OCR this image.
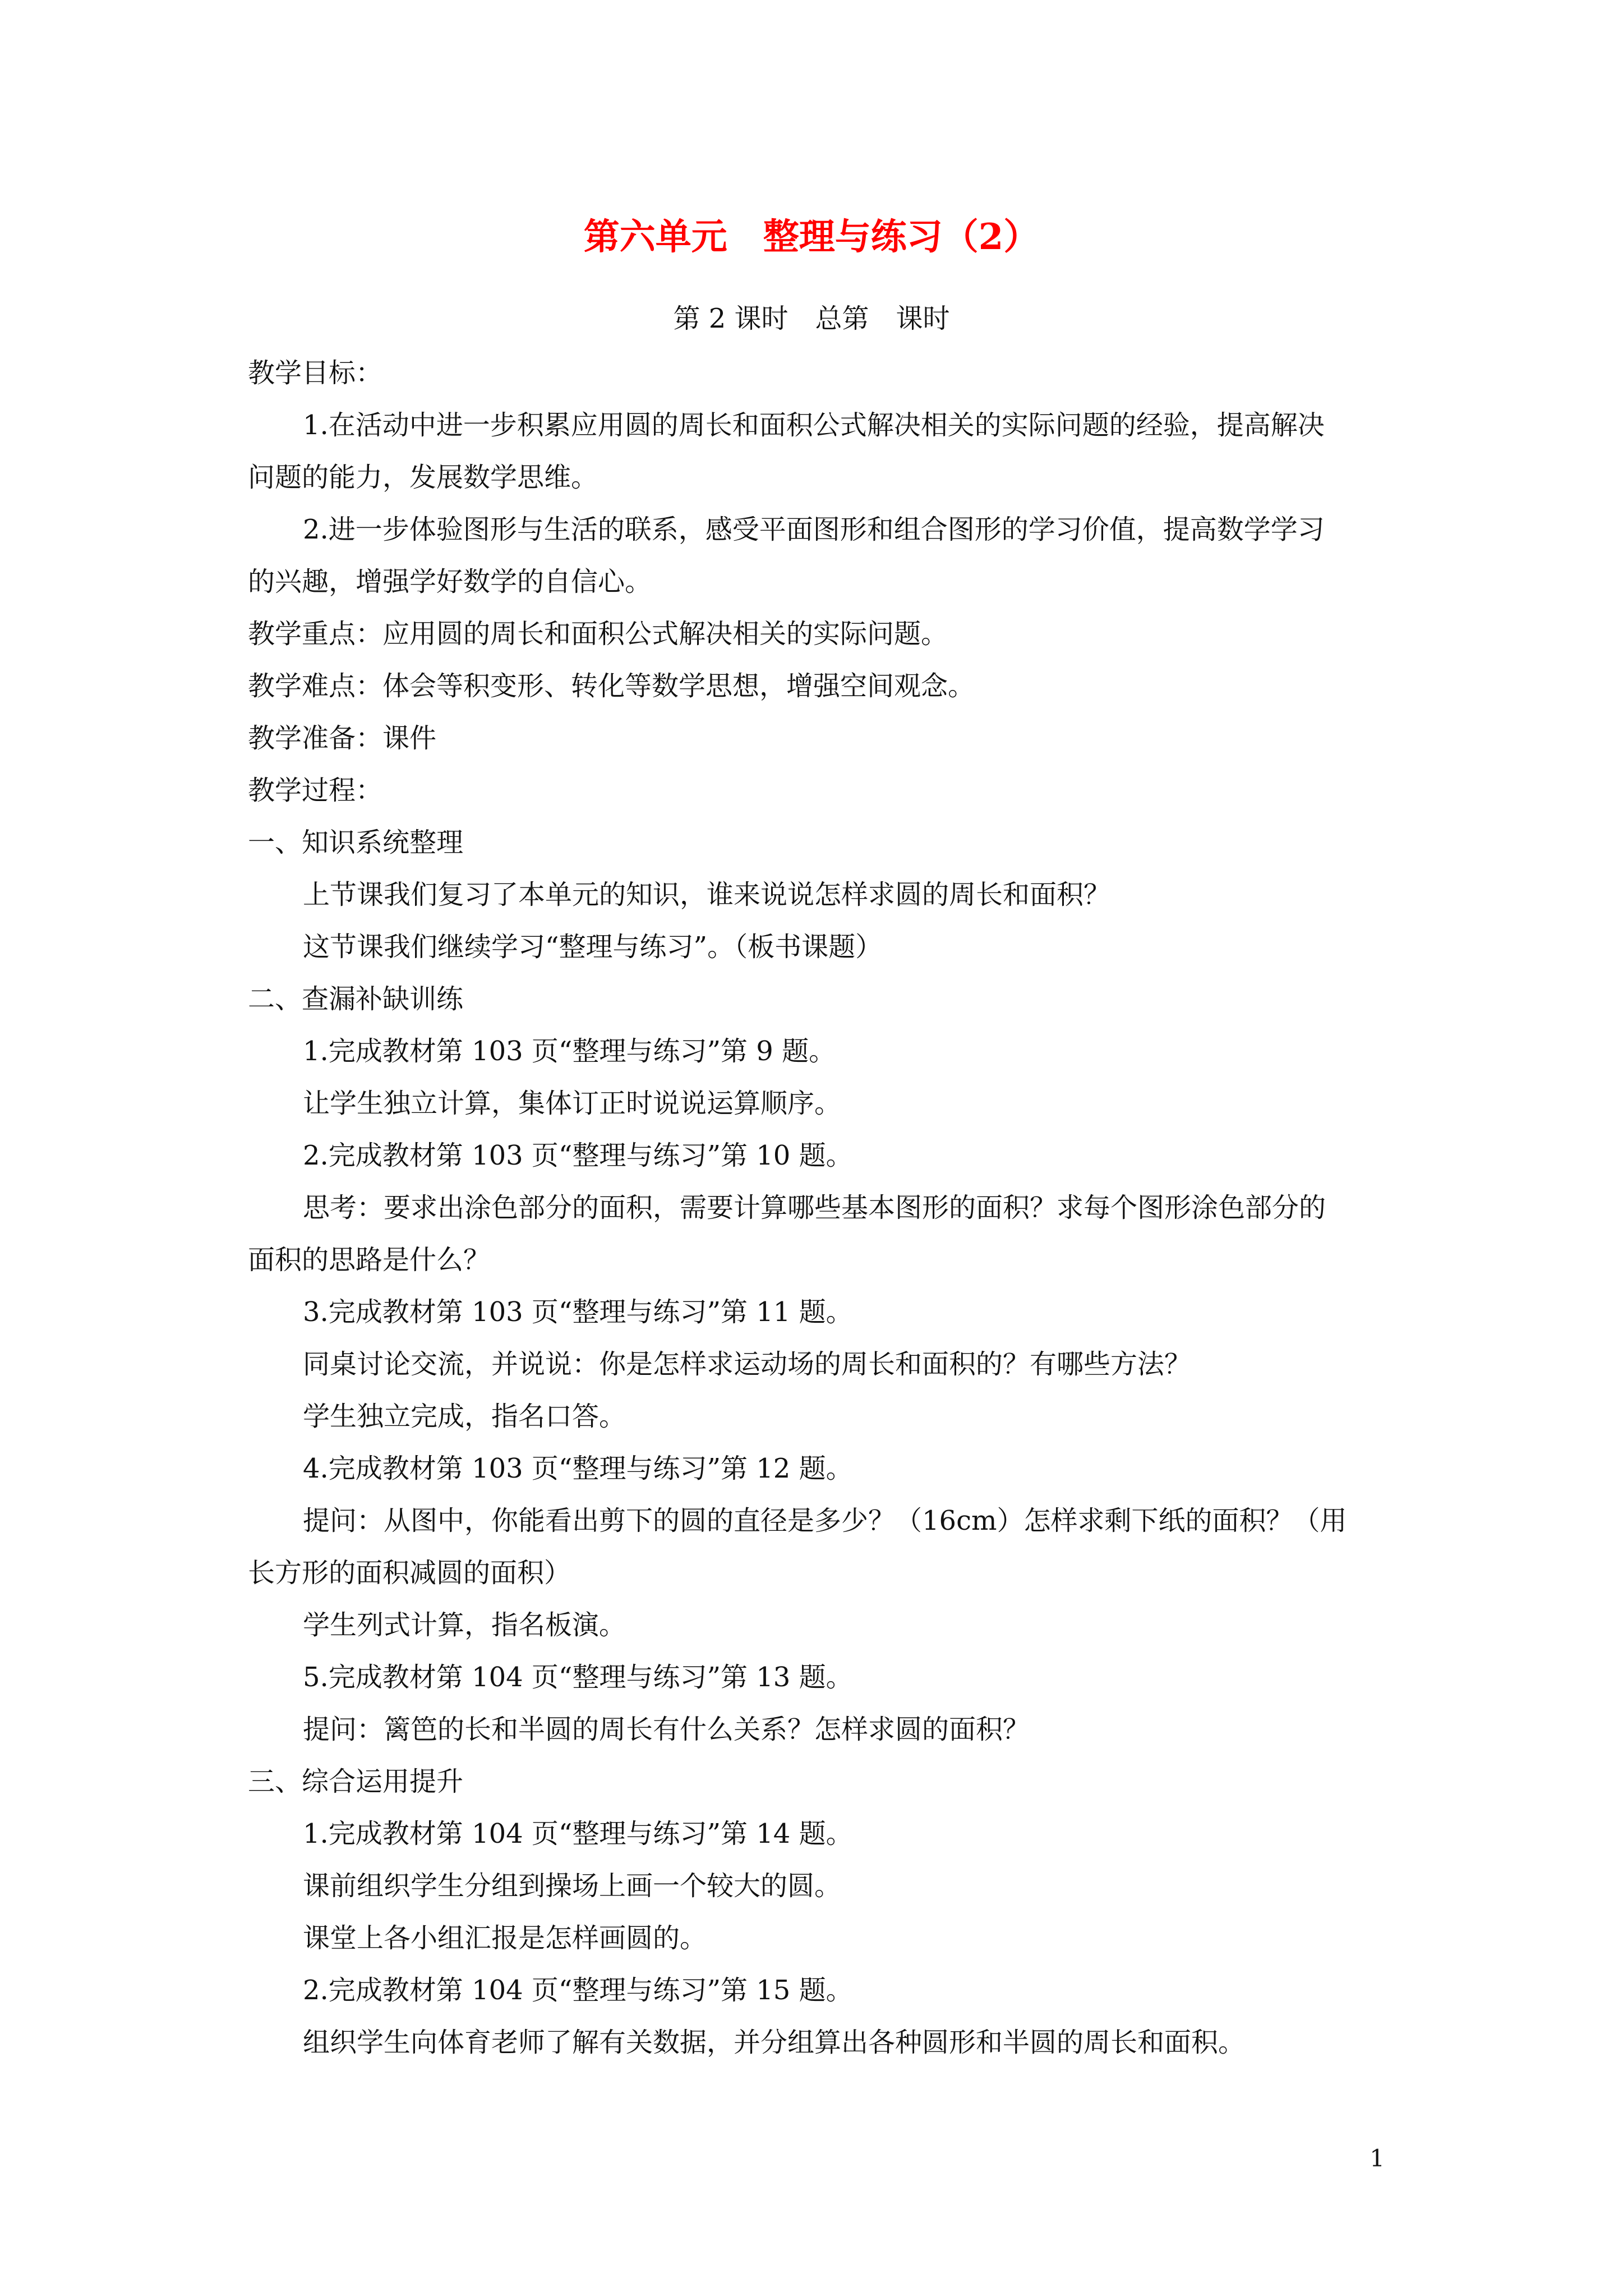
第六单元　整理与练习（2）
第 2 课时　总第　课时

教学目标：

1.在活动中进一步积累应用圆的周长和面积公式解决相关的实际问题的经验，提高解决

问题的能力，发展数学思维。

2.进一步体验图形与生活的联系，感受平面图形和组合图形的学习价值，提高数学学习

的兴趣，增强学好数学的自信心。

教学重点：应用圆的周长和面积公式解决相关的实际问题。

教学难点：体会等积变形、转化等数学思想，增强空间观念。

教学准备：课件

教学过程：

一、知识系统整理

上节课我们复习了本单元的知识，谁来说说怎样求圆的周长和面积？

这节课我们继续学习“整理与练习”。（板书课题）

二、查漏补缺训练

1.完成教材第 103 页“整理与练习”第 9 题。

让学生独立计算，集体订正时说说运算顺序。

2.完成教材第 103 页“整理与练习”第 10 题。

思考：要求出涂色部分的面积，需要计算哪些基本图形的面积？求每个图形涂色部分的

面积的思路是什么？

3.完成教材第 103 页“整理与练习”第 11 题。

同桌讨论交流，并说说：你是怎样求运动场的周长和面积的？有哪些方法？

学生独立完成，指名口答。

4.完成教材第 103 页“整理与练习”第 12 题。

提问：从图中，你能看出剪下的圆的直径是多少？（16cm）怎样求剩下纸的面积？（用

长方形的面积减圆的面积）

学生列式计算，指名板演。

5.完成教材第 104 页“整理与练习”第 13 题。

提问：篱笆的长和半圆的周长有什么关系？怎样求圆的面积？

三、综合运用提升

1.完成教材第 104 页“整理与练习”第 14 题。

课前组织学生分组到操场上画一个较大的圆。

课堂上各小组汇报是怎样画圆的。

2.完成教材第 104 页“整理与练习”第 15 题。

组织学生向体育老师了解有关数据，并分组算出各种圆形和半圆的周长和面积。

1
